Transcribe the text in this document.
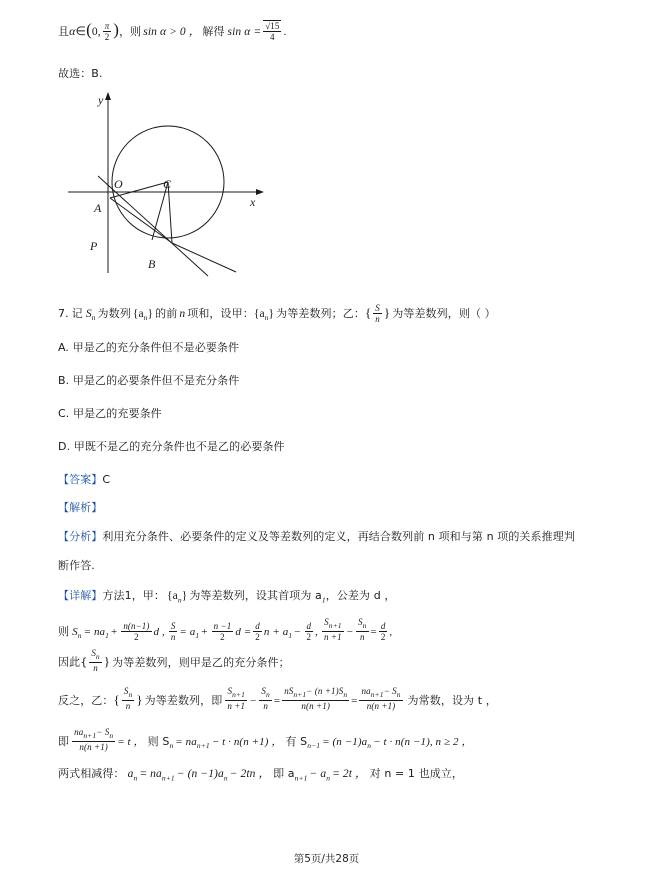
且α∈(0, $\frac{\pi}{2}$ )，则 sin α > 0 ， 解得 $\sin \alpha = \frac{√15}{4}$ .
故选：B.
y
x
O	C
A
P
B
7. 记 $S_n$ 为数列 $\{a_n\}$ 的前 n 项和，设甲：$\{a_n\}$ 为等差数列；乙：{ $\frac{S}{n}$ } 为等差数列，则（ ）
A. 甲是乙的充分条件但不是必要条件
B. 甲是乙的必要条件但不是充分条件
C. 甲是乙的充要条件
D. 甲既不是乙的充分条件也不是乙的必要条件
【答案】C
【解析】
【分析】利用充分条件、必要条件的定义及等差数列的定义，再结合数列前 n 项和与第 n 项的关系推理判
断作答.
【详解】方法1，甲： $\{a_n\}$ 为等差数列，设其首项为 $a_1$，公差为 d ，
则 $S_n = na_1 + \frac{n(n-1)}{2}$ d , $\frac{S}{n} = a_1 + \frac{n -1}{2}$ $d = \frac{d}{2}$ $n + a_1 - \frac{d}{2}$ , $\frac{S_{n+1}}{n +1} - \frac{S_n}{n} = \frac{d}{2}$ ,
因此{ $\frac{S_n}{n}$ } 为等差数列，则甲是乙的充分条件；
反之，乙：{ $\frac{S_n}{n}$ } 为等差数列，即 $\frac{S_{n+1}}{n +1} - \frac{S_n}{n} = \frac{nS_{n+1}- (n +1)S_n}{n(n +1)} = \frac{na_{n+1}- S_n}{n(n +1)}$ 为常数，设为 t ，
即 $\frac{na_{n+1}- S_n}{n(n +1)} = t$ ， 则 $S_n = na_{n+1} - t \cdot n(n +1)$ ， 有 $S_{n-1} = (n -1)a_n - t \cdot n(n -1)$, n ≥ 2 ，
两式相减得： $a_n = na_{n+1} - (n -1)a_n - 2tn$ ， 即 $a_{n+1} - a_n = 2t$ ， 对 n = 1 也成立，
第5页/共28页
